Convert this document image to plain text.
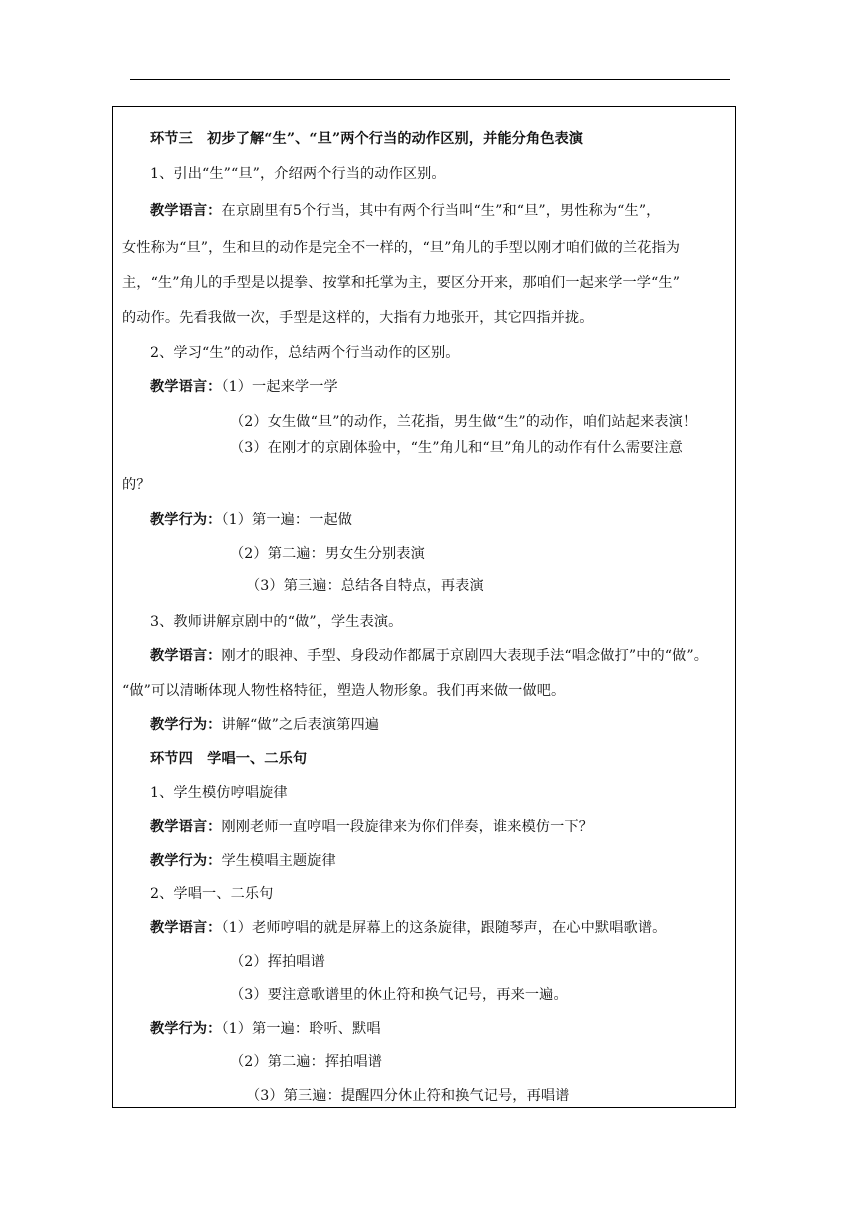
环节三　初步了解“生”、“旦”两个行当的动作区别，并能分角色表演
1、引出“生”“旦”，介绍两个行当的动作区别。
教学语言：在京剧里有5个行当，其中有两个行当叫“生”和“旦”，男性称为“生”，
女性称为“旦”，生和旦的动作是完全不一样的，“旦”角儿的手型以刚才咱们做的兰花指为
主，“生”角儿的手型是以提拳、按掌和托掌为主，要区分开来，那咱们一起来学一学“生”
的动作。先看我做一次，手型是这样的，大指有力地张开，其它四指并拢。
2、学习“生”的动作，总结两个行当动作的区别。
教学语言：（1）一起来学一学
（2）女生做“旦”的动作，兰花指，男生做“生”的动作，咱们站起来表演！
（3）在刚才的京剧体验中，“生”角儿和“旦”角儿的动作有什么需要注意
的？
教学行为：（1）第一遍：一起做
（2）第二遍：男女生分别表演
（3）第三遍：总结各自特点，再表演
3、教师讲解京剧中的“做”，学生表演。
教学语言：刚才的眼神、手型、身段动作都属于京剧四大表现手法“唱念做打”中的“做”。
“做”可以清晰体现人物性格特征，塑造人物形象。我们再来做一做吧。
教学行为：讲解“做”之后表演第四遍
环节四　学唱一、二乐句
1、学生模仿哼唱旋律
教学语言：刚刚老师一直哼唱一段旋律来为你们伴奏，谁来模仿一下？
教学行为：学生模唱主题旋律
2、学唱一、二乐句
教学语言：（1）老师哼唱的就是屏幕上的这条旋律，跟随琴声，在心中默唱歌谱。
（2）挥拍唱谱
（3）要注意歌谱里的休止符和换气记号，再来一遍。
教学行为：（1）第一遍：聆听、默唱
（2）第二遍：挥拍唱谱
（3）第三遍：提醒四分休止符和换气记号，再唱谱
